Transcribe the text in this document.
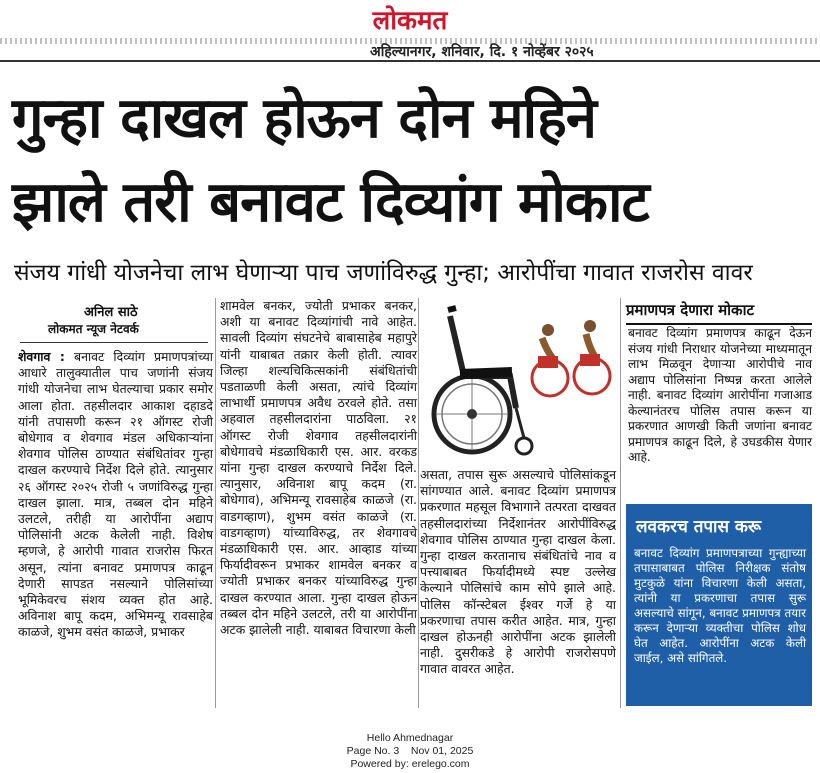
लोकमत
अहिल्यानगर, शनिवार, दि. १ नोव्हेंबर २०२५
गुन्हा दाखल होऊन दोन महिने
झाले तरी बनावट दिव्यांग मोकाट
संजय गांधी योजनेचा लाभ घेणाऱ्या पाच जणांविरुद्ध गुन्हा; आरोपींचा गावात राजरोस वावर
अनिल साठे
लोकमत न्यूज नेटवर्क
शेवगाव : बनावट दिव्यांग प्रमाणपत्रांच्या आधारे तालुक्यातील पाच जणांनी संजय गांधी योजनेचा लाभ घेतल्याचा प्रकार समोर आला होता. तहसीलदार आकाश दहाडदे यांनी तपासणी करून २१ ऑगस्ट रोजी बोधेगाव व शेवगाव मंडल अधिकाऱ्यांना शेवगाव पोलिस ठाण्यात संबंधितांवर गुन्हा दाखल करण्याचे निर्देश दिले होते. त्यानुसार २६ ऑगस्ट २०२५ रोजी ५ जणांविरुद्ध गुन्हा दाखल झाला. मात्र, तब्बल दोन महिने उलटले, तरीही या आरोपींना अद्याप पोलिसांनी अटक केलेली नाही. विशेष म्हणजे, हे आरोपी गावात राजरोस फिरत असून, त्यांना बनावट प्रमाणपत्र काढून देणारी सापडत नसल्याने पोलिसांच्या भूमिकेवरच संशय व्यक्त होत आहे. अविनाश बापू कदम, अभिमन्यू रावसाहेब काळजे, शुभम वसंत काळजे, प्रभाकर
शामवेल बनकर, ज्योती प्रभाकर बनकर, अशी या बनावट दिव्यांगांची नावे आहेत. सावली दिव्यांग संघटनेचे बाबासाहेब महापुरे यांनी याबाबत तक्रार केली होती. त्यावर जिल्हा शल्यचिकित्सकांनी संबंधितांची पडताळणी केली असता, त्यांचे दिव्यांग लाभार्थी प्रमाणपत्र अवैध ठरवले होते. तसा अहवाल तहसीलदारांना पाठविला. २१ ऑगस्ट रोजी शेवगाव तहसीलदारांनी बोधेगावचे मंडळाधिकारी एस. आर. वरकड यांना गुन्हा दाखल करण्याचे निर्देश दिले. त्यानुसार, अविनाश बापू कदम (रा. बोधेगाव), अभिमन्यू रावसाहेब काळजे (रा. वाडगव्हाण), शुभम वसंत काळजे (रा. वाडगव्हाण) यांच्याविरुद्ध, तर शेवगावचे मंडळाधिकारी एस. आर. आव्हाड यांच्या फिर्यादीवरून प्रभाकर शामवेल बनकर व ज्योती प्रभाकर बनकर यांच्याविरुद्ध गुन्हा दाखल करण्यात आला. गुन्हा दाखल होऊन तब्बल दोन महिने उलटले, तरी या आरोपींना अटक झालेली नाही. याबाबत विचारणा केली
असता, तपास सुरू असल्याचे पोलिसांकडून सांगण्यात आले. बनावट दिव्यांग प्रमाणपत्र प्रकरणात महसूल विभागाने तत्परता दाखवत तहसीलदारांच्या निर्देशानंतर आरोपींविरुद्ध शेवगाव पोलिस ठाण्यात गुन्हा दाखल केला. गुन्हा दाखल करतानाच संबंधितांचे नाव व पत्त्याबाबत फिर्यादीमध्ये स्पष्ट उल्लेख केल्याने पोलिसांचे काम सोपे झाले आहे. पोलिस कॉन्स्टेबल ईश्वर गर्जे हे या प्रकरणाचा तपास करीत आहेत. मात्र, गुन्हा दाखल होऊनही आरोपींना अटक झालेली नाही. दुसरीकडे हे आरोपी राजरोसपणे गावात वावरत आहेत.
प्रमाणपत्र देणारा मोकाट
बनावट दिव्यांग प्रमाणपत्र काढून देऊन संजय गांधी निराधार योजनेच्या माध्यमातून लाभ मिळवून देणाऱ्या आरोपीचे नाव अद्याप पोलिसांना निष्पन्न करता आलेले नाही. बनावट दिव्यांग आरोपींना गजाआड केल्यानंतरच पोलिस तपास करून या प्रकरणात आणखी किती जणांना बनावट प्रमाणपत्र काढून दिले, हे उघडकीस येणार आहे.
लवकरच तपास करू
बनावट दिव्यांग प्रमाणपत्राच्या गुन्ह्याच्या तपासाबाबत पोलिस निरीक्षक संतोष मुटकुळे यांना विचारणा केली असता, त्यांनी या प्रकरणाचा तपास सुरू असल्याचे सांगून, बनावट प्रमाणपत्र तयार करून देणाऱ्या व्यक्तीचा पोलिस शोध घेत आहेत. आरोपींना अटक केली जाईल, असे सांगितले.
Hello Ahmednagar
Page No. 3    Nov 01, 2025
Powered by: erelego.com
